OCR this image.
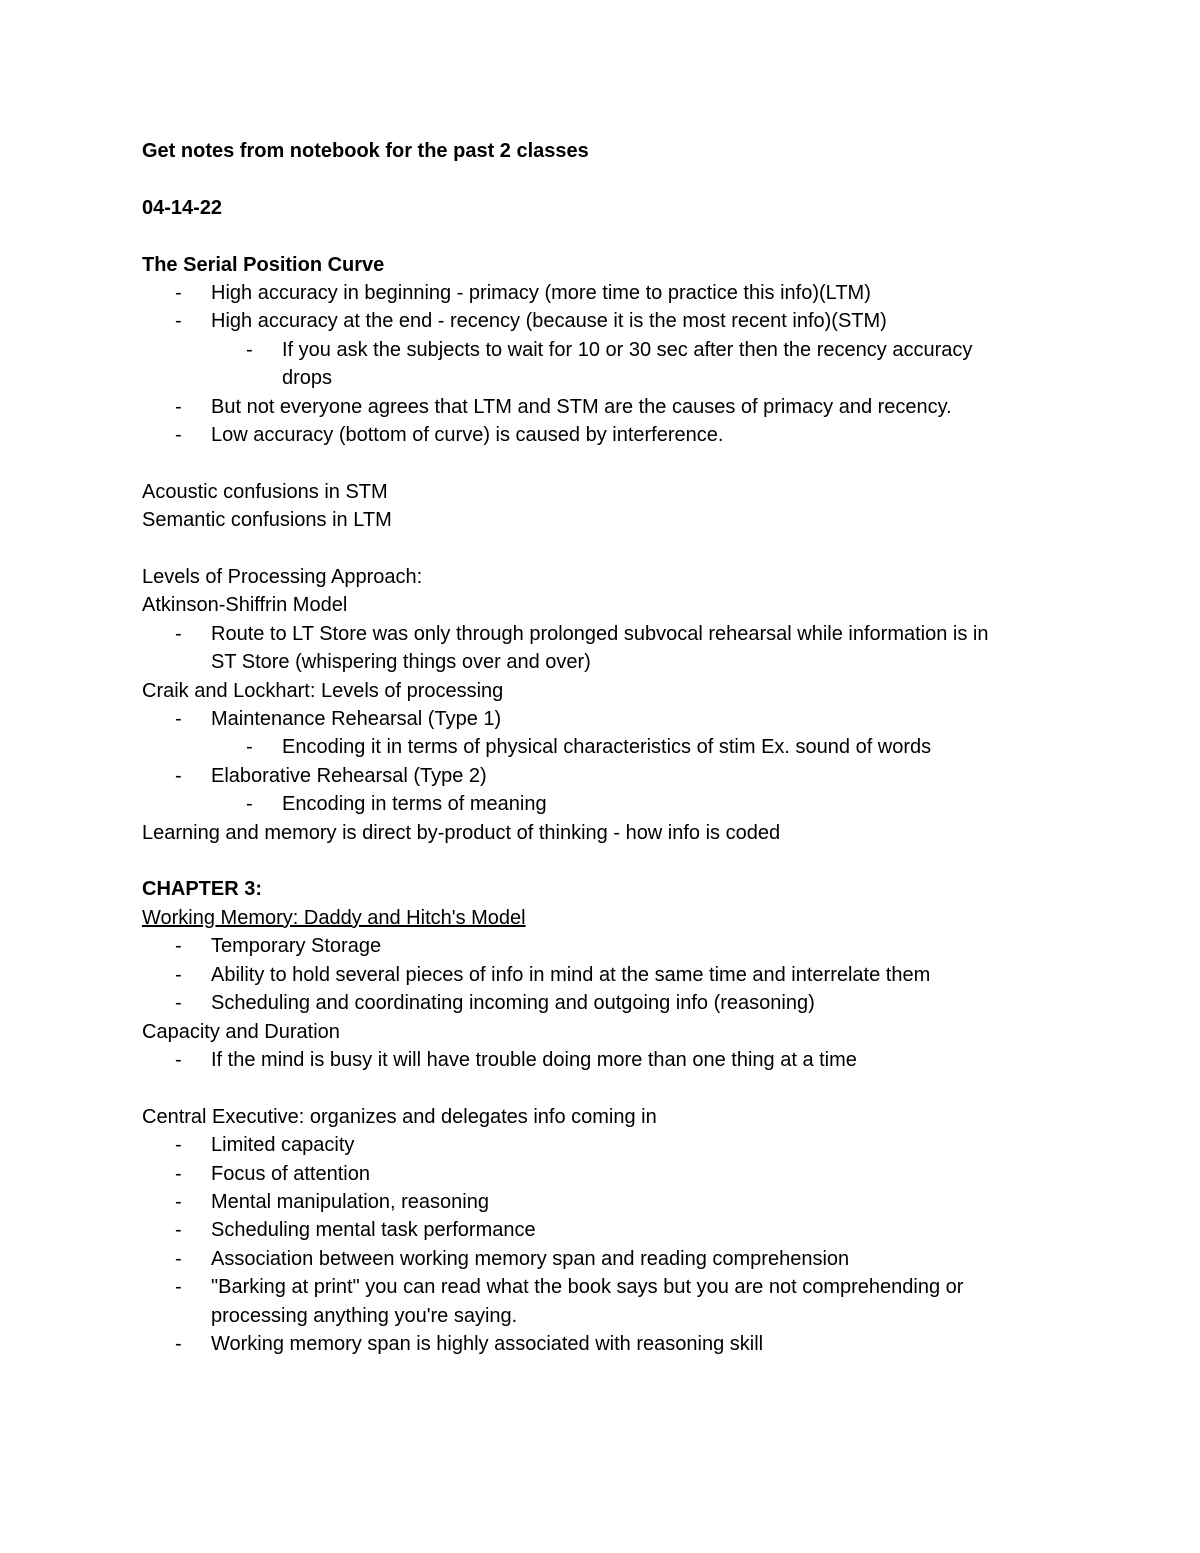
Get notes from notebook for the past 2 classes
04-14-22
The Serial Position Curve
- High accuracy in beginning - primacy (more time to practice this info)(LTM)
- High accuracy at the end - recency (because it is the most recent info)(STM)
- If you ask the subjects to wait for 10 or 30 sec after then the recency accuracy
drops
- But not everyone agrees that LTM and STM are the causes of primacy and recency.
- Low accuracy (bottom of curve) is caused by interference.
Acoustic confusions in STM
Semantic confusions in LTM
Levels of Processing Approach:
Atkinson-Shiffrin Model
- Route to LT Store was only through prolonged subvocal rehearsal while information is in
ST Store (whispering things over and over)
Craik and Lockhart: Levels of processing
- Maintenance Rehearsal (Type 1)
- Encoding it in terms of physical characteristics of stim Ex. sound of words
- Elaborative Rehearsal (Type 2)
- Encoding in terms of meaning
Learning and memory is direct by-product of thinking - how info is coded
CHAPTER 3:
Working Memory: Daddy and Hitch's Model
- Temporary Storage
- Ability to hold several pieces of info in mind at the same time and interrelate them
- Scheduling and coordinating incoming and outgoing info (reasoning)
Capacity and Duration
- If the mind is busy it will have trouble doing more than one thing at a time
Central Executive: organizes and delegates info coming in
- Limited capacity
- Focus of attention
- Mental manipulation, reasoning
- Scheduling mental task performance
- Association between working memory span and reading comprehension
- "Barking at print" you can read what the book says but you are not comprehending or
processing anything you're saying.
- Working memory span is highly associated with reasoning skill
